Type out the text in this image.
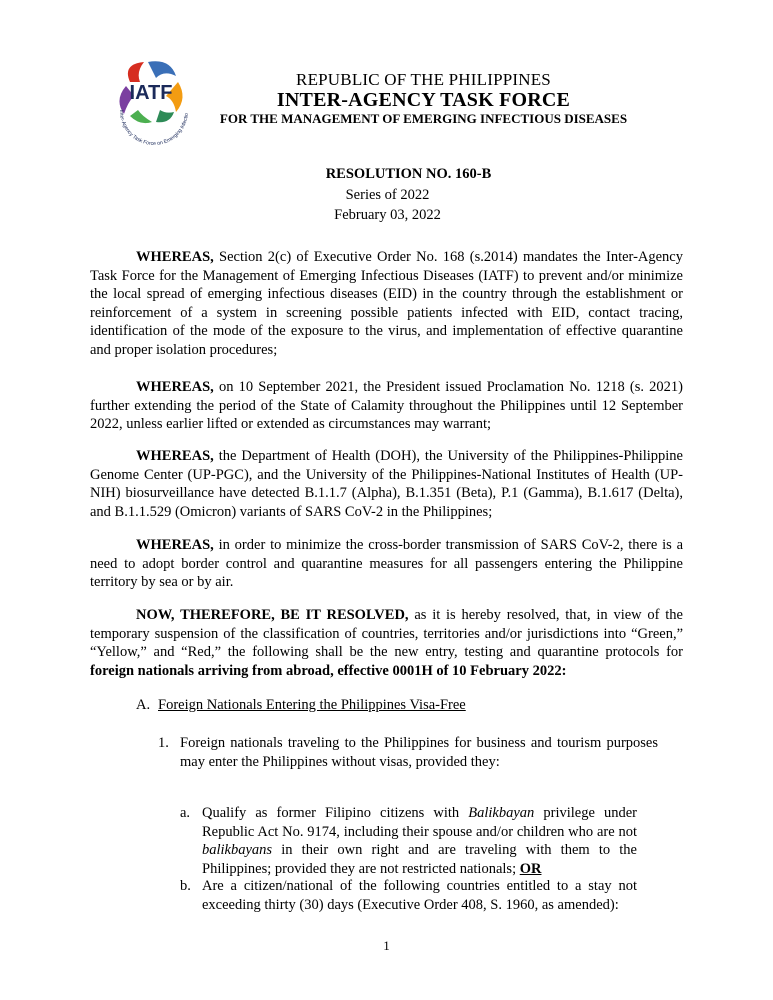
IATF
Inter-Agency Task Force on Emerging Infectio
REPUBLIC OF THE PHILIPPINES
INTER-AGENCY TASK FORCE
FOR THE MANAGEMENT OF EMERGING INFECTIOUS DISEASES
RESOLUTION NO. 160-B
Series of 2022
February 03, 2022

WHEREAS, Section 2(c) of Executive Order No. 168 (s.2014) mandates the Inter-Agency Task Force for the Management of Emerging Infectious Diseases (IATF) to prevent and/or minimize the local spread of emerging infectious diseases (EID) in the country through the establishment or reinforcement of a system in screening possible patients infected with EID, contact tracing, identification of the mode of the exposure to the virus, and implementation of effective quarantine and proper isolation procedures;

WHEREAS, on 10 September 2021, the President issued Proclamation No. 1218 (s. 2021) further extending the period of the State of Calamity throughout the Philippines until 12 September 2022, unless earlier lifted or extended as circumstances may warrant;

WHEREAS, the Department of Health (DOH), the University of the Philippines-Philippine Genome Center (UP-PGC), and the University of the Philippines-National Institutes of Health (UP-NIH) biosurveillance have detected B.1.1.7 (Alpha), B.1.351 (Beta), P.1 (Gamma), B.1.617 (Delta), and B.1.1.529 (Omicron) variants of SARS CoV-2 in the Philippines;

WHEREAS, in order to minimize the cross-border transmission of SARS CoV-2, there is a need to adopt border control and quarantine measures for all passengers entering the Philippine territory by sea or by air.

NOW, THEREFORE, BE IT RESOLVED, as it is hereby resolved, that, in view of the temporary suspension of the classification of countries, territories and/or jurisdictions into “Green,” “Yellow,” and “Red,” the following shall be the new entry, testing and quarantine protocols for foreign nationals arriving from abroad, effective 0001H of 10 February 2022:

A. Foreign Nationals Entering the Philippines Visa-Free
1. Foreign nationals traveling to the Philippines for business and tourism purposes may enter the Philippines without visas, provided they:
a. Qualify as former Filipino citizens with Balikbayan privilege under Republic Act No. 9174, including their spouse and/or children who are not balikbayans in their own right and are traveling with them to the Philippines; provided they are not restricted nationals; OR
b. Are a citizen/national of the following countries entitled to a stay not exceeding thirty (30) days (Executive Order 408, S. 1960, as amended):
1
